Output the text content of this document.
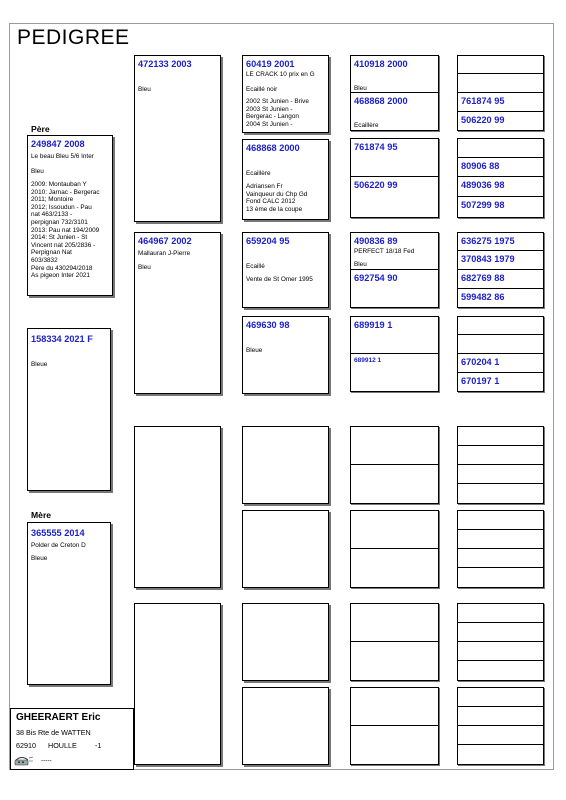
PEDIGREE
Père
249847 2008
Le beau Bleu 5/6 Inter
Bleu
2009: Montauban Y
2010: Jarnac - Bergerac
2011; Montoire
2012; Issoudun - Pau
nat 463/2133 -
perpignan 732/3101
2013: Pau nat 194/2009
2014: St Junien - St
Vincent nat 205/2836 -
Perpignan Nat
603/3832
Père du 430294/2018
As pigeon Inter 2021
158334 2021 F
Bleue
Mère
365555 2014
Polder de Creton D
Bleue
472133 2003
Bleu
464967 2002
Mallauran J-Pierre
Bleu
60419 2001
LE CRACK 10 prix en G
Ecaillé noir
2002 St Junien - Brive
2003 St Junien -
Bergerac - Langon
2004 St Junien -
468868 2000
Ecaillère
Adriansen Fr
Vainqueur du Chp Gd
Fond CALC 2012
13 ème de la coupe
659204 95
Ecaillé
Vente de St Omer 1995
469630 98
Bleue
410918 2000
Bleu
468868 2000
Ecaillère
761874 95
506220 99
490836 89
PERFECT 18/18 Fed
Bleu
692754 90
689919 1
689912 1
761874 95
506220 99
80906 88
489036 98
507299 98
636275 1975
370843 1979
682769 88
599482 86
670204 1
670197 1
GHEERAERT Eric
38 Bis Rte de WATTEN
62910 HOULLE	-1
-----
